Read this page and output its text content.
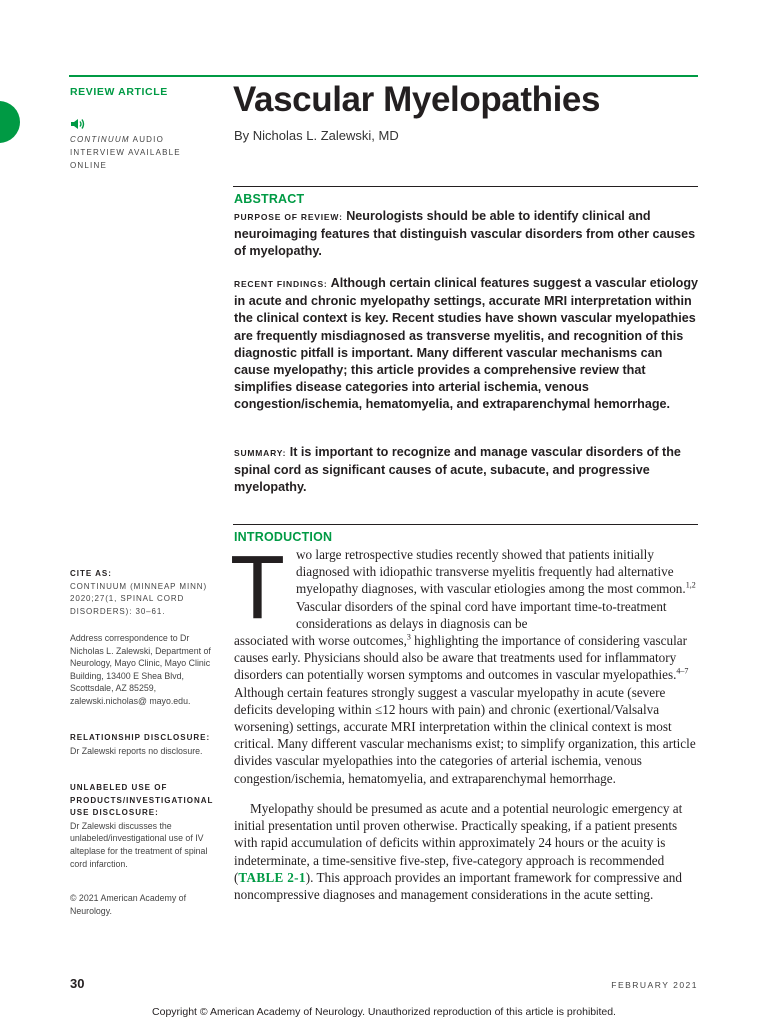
REVIEW ARTICLE
CONTINUUM AUDIO INTERVIEW AVAILABLE ONLINE
Vascular Myelopathies
By Nicholas L. Zalewski, MD
ABSTRACT
PURPOSE OF REVIEW: Neurologists should be able to identify clinical and neuroimaging features that distinguish vascular disorders from other causes of myelopathy.
RECENT FINDINGS: Although certain clinical features suggest a vascular etiology in acute and chronic myelopathy settings, accurate MRI interpretation within the clinical context is key. Recent studies have shown vascular myelopathies are frequently misdiagnosed as transverse myelitis, and recognition of this diagnostic pitfall is important. Many different vascular mechanisms can cause myelopathy; this article provides a comprehensive review that simplifies disease categories into arterial ischemia, venous congestion/ischemia, hematomyelia, and extraparenchymal hemorrhage.
SUMMARY: It is important to recognize and manage vascular disorders of the spinal cord as significant causes of acute, subacute, and progressive myelopathy.
INTRODUCTION
CITE AS:
CONTINUUM (MINNEAP MINN) 2020;27(1, SPINAL CORD DISORDERS): 30–61.
Address correspondence to Dr Nicholas L. Zalewski, Department of Neurology, Mayo Clinic, Mayo Clinic Building, 13400 E Shea Blvd, Scottsdale, AZ 85259, zalewski.nicholas@ mayo.edu.
RELATIONSHIP DISCLOSURE:
Dr Zalewski reports no disclosure.
UNLABELED USE OF PRODUCTS/INVESTIGATIONAL USE DISCLOSURE:
Dr Zalewski discusses the unlabeled/investigational use of IV alteplase for the treatment of spinal cord infarction.
© 2021 American Academy of Neurology.
T wo large retrospective studies recently showed that patients initially diagnosed with idiopathic transverse myelitis frequently had alternative myelopathy diagnoses, with vascular etiologies among the most common.$^{1,2}$ Vascular disorders of the spinal cord have important time-to-treatment considerations as delays in diagnosis can be
associated with worse outcomes,$^3$ highlighting the importance of considering vascular causes early. Physicians should also be aware that treatments used for inflammatory disorders can potentially worsen symptoms and outcomes in vascular myelopathies.$^{4-7}$ Although certain features strongly suggest a vascular myelopathy in acute (severe deficits developing within ≤12 hours with pain) and chronic (exertional/Valsalva worsening) settings, accurate MRI interpretation within the clinical context is most critical. Many different vascular mechanisms exist; to simplify organization, this article divides vascular myelopathies into the categories of arterial ischemia, venous congestion/ischemia, hematomyelia, and extraparenchymal hemorrhage.
Myelopathy should be presumed as acute and a potential neurologic emergency at initial presentation until proven otherwise. Practically speaking, if a patient presents with rapid accumulation of deficits within approximately 24 hours or the acuity is indeterminate, a time-sensitive five-step, five-category approach is recommended (TABLE 2-1). This approach provides an important framework for compressive and noncompressive diagnoses and management considerations in the acute setting.
30	FEBRUARY 2021
Copyright © American Academy of Neurology. Unauthorized reproduction of this article is prohibited.
